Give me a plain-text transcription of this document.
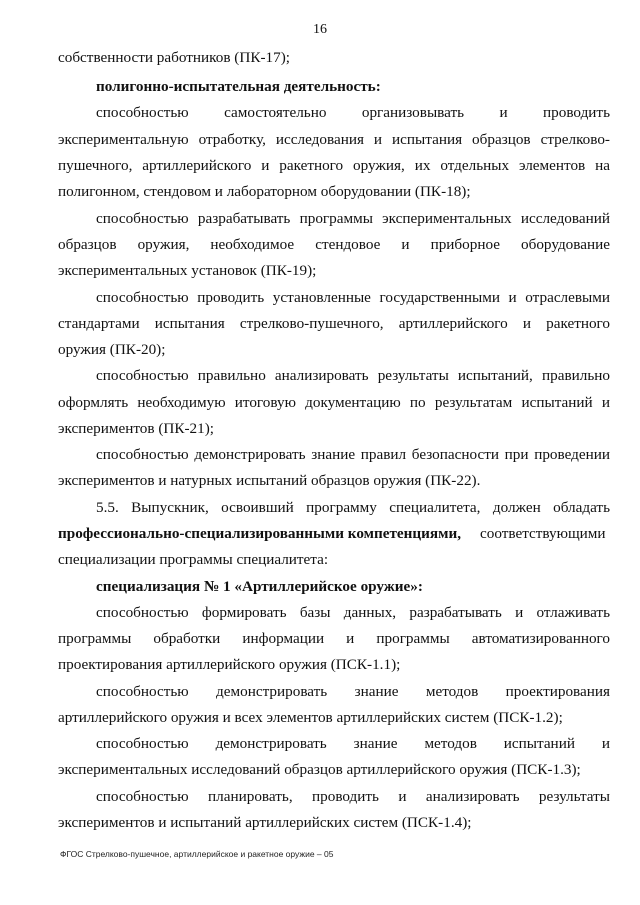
16
собственности работников (ПК-17);
полигонно-испытательная деятельность:
способностью самостоятельно организовывать и проводить
экспериментальную отработку, исследования и испытания образцов стрелково-
пушечного, артиллерийского и ракетного оружия, их отдельных элементов на
полигонном, стендовом и лабораторном оборудовании (ПК-18);
способностью разрабатывать программы экспериментальных исследований
образцов оружия, необходимое стендовое и приборное оборудование
экспериментальных установок (ПК-19);
способностью проводить установленные государственными и отраслевыми
стандартами испытания стрелково-пушечного, артиллерийского и ракетного
оружия (ПК-20);
способностью правильно анализировать результаты испытаний, правильно
оформлять необходимую итоговую документацию по результатам испытаний и
экспериментов (ПК-21);
способностью демонстрировать знание правил безопасности при проведении
экспериментов и натурных испытаний образцов оружия (ПК-22).
5.5. Выпускник, освоивший программу специалитета, должен обладать
профессионально-специализированными компетенциями, соответствующими
специализации программы специалитета:
специализация № 1 «Артиллерийское оружие»:
способностью формировать базы данных, разрабатывать и отлаживать
программы обработки информации и программы автоматизированного
проектирования артиллерийского оружия (ПСК-1.1);
способностью демонстрировать знание методов проектирования
артиллерийского оружия и всех элементов артиллерийских систем (ПСК-1.2);
способностью демонстрировать знание методов испытаний и
экспериментальных исследований образцов артиллерийского оружия (ПСК-1.3);
способностью планировать, проводить и анализировать результаты
экспериментов и испытаний артиллерийских систем (ПСК-1.4);
ФГОС Стрелково-пушечное, артиллерийское и ракетное оружие – 05
